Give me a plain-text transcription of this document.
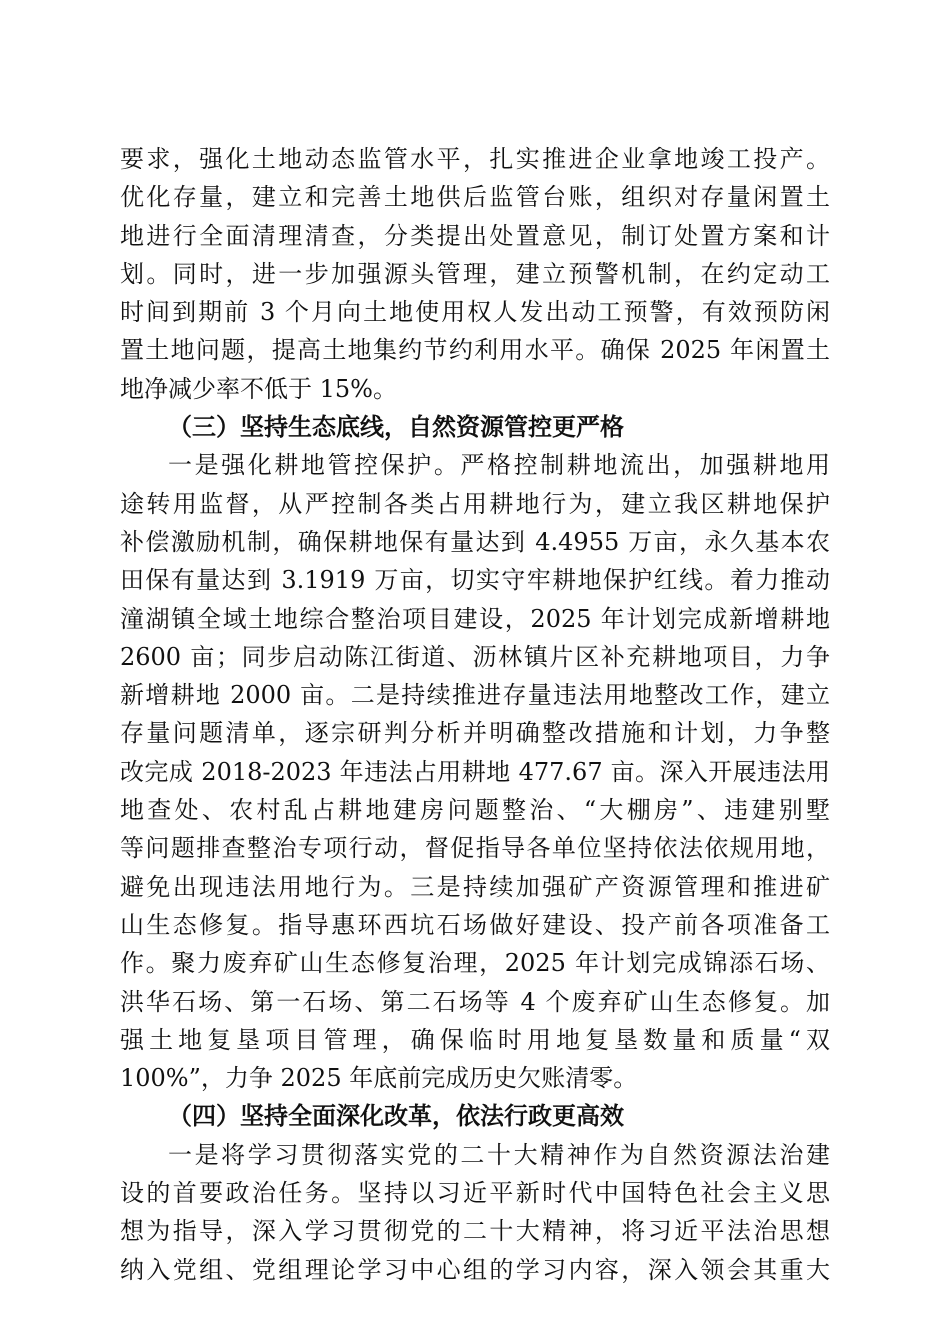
要求，强化土地动态监管水平，扎实推进企业拿地竣工投产。
优化存量，建立和完善土地供后监管台账，组织对存量闲置土
地进行全面清理清查，分类提出处置意见，制订处置方案和计
划。同时，进一步加强源头管理，建立预警机制，在约定动工
时间到期前 3 个月向土地使用权人发出动工预警，有效预防闲
置土地问题，提高土地集约节约利用水平。确保 2025 年闲置土
地净减少率不低于 15%。
（三）坚持生态底线，自然资源管控更严格
一是强化耕地管控保护。严格控制耕地流出，加强耕地用
途转用监督，从严控制各类占用耕地行为，建立我区耕地保护
补偿激励机制，确保耕地保有量达到 4.4955 万亩，永久基本农
田保有量达到 3.1919 万亩，切实守牢耕地保护红线。着力推动
潼湖镇全域土地综合整治项目建设，2025 年计划完成新增耕地
2600 亩；同步启动陈江街道、沥林镇片区补充耕地项目，力争
新增耕地 2000 亩。二是持续推进存量违法用地整改工作，建立
存量问题清单，逐宗研判分析并明确整改措施和计划，力争整
改完成 2018-2023 年违法占用耕地 477.67 亩。深入开展违法用
地查处、农村乱占耕地建房问题整治、“大棚房”、违建别墅
等问题排查整治专项行动，督促指导各单位坚持依法依规用地，
避免出现违法用地行为。三是持续加强矿产资源管理和推进矿
山生态修复。指导惠环西坑石场做好建设、投产前各项准备工
作。聚力废弃矿山生态修复治理，2025 年计划完成锦添石场、
洪华石场、第一石场、第二石场等 4 个废弃矿山生态修复。加
强土地复垦项目管理，确保临时用地复垦数量和质量“双
100%”，力争 2025 年底前完成历史欠账清零。
（四）坚持全面深化改革，依法行政更高效
一是将学习贯彻落实党的二十大精神作为自然资源法治建
设的首要政治任务。坚持以习近平新时代中国特色社会主义思
想为指导，深入学习贯彻党的二十大精神，将习近平法治思想
纳入党组、党组理论学习中心组的学习内容，深入领会其重大
